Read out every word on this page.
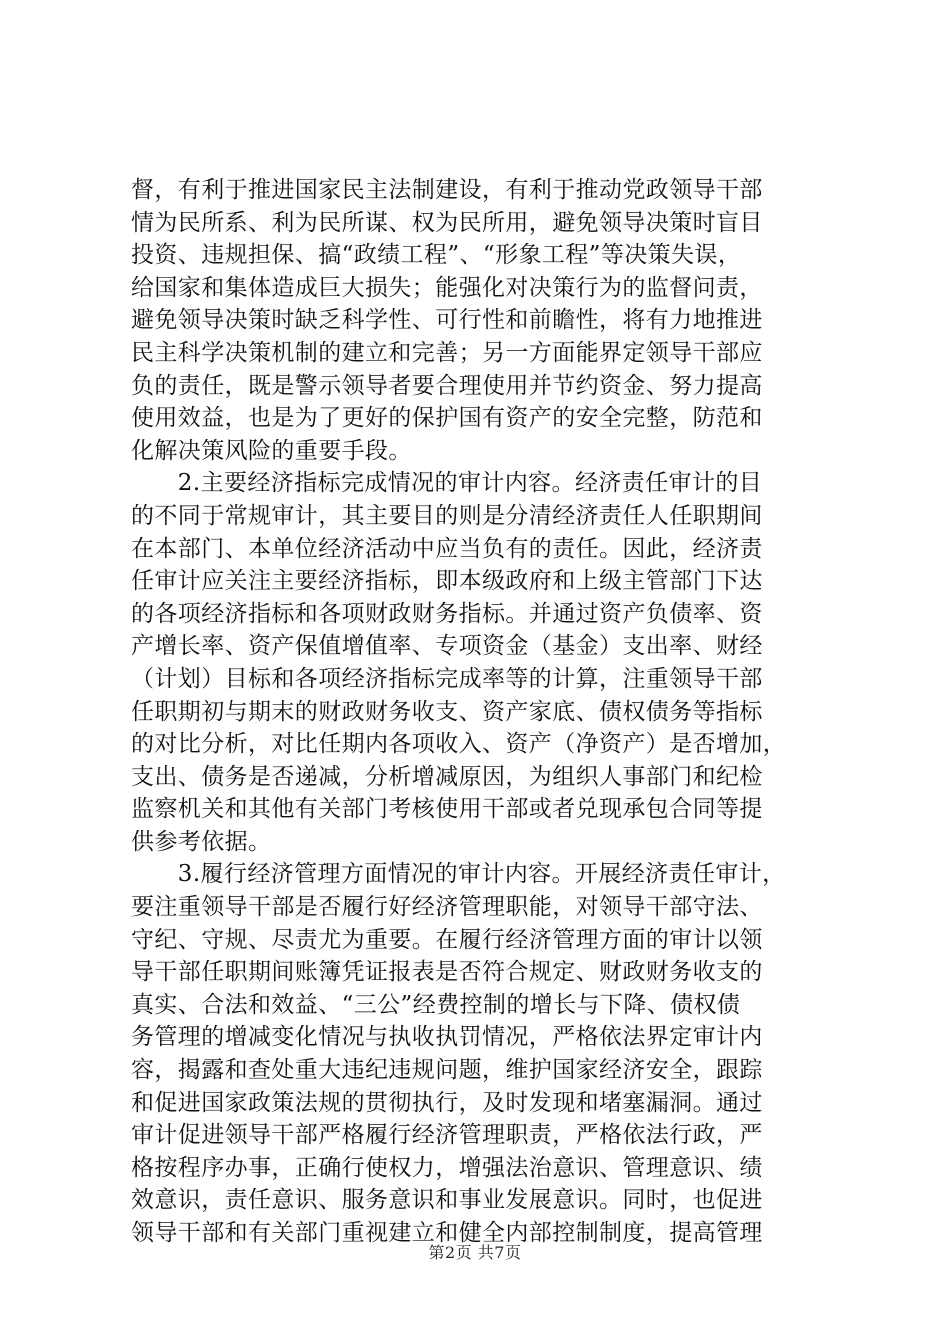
督，有利于推进国家民主法制建设，有利于推动党政领导干部
情为民所系、利为民所谋、权为民所用，避免领导决策时盲目
投资、违规担保、搞“政绩工程”、“形象工程”等决策失误，
给国家和集体造成巨大损失；能强化对决策行为的监督问责，
避免领导决策时缺乏科学性、可行性和前瞻性，将有力地推进
民主科学决策机制的建立和完善；另一方面能界定领导干部应
负的责任，既是警示领导者要合理使用并节约资金、努力提高
使用效益，也是为了更好的保护国有资产的安全完整，防范和
化解决策风险的重要手段。
　　2.主要经济指标完成情况的审计内容。经济责任审计的目
的不同于常规审计，其主要目的则是分清经济责任人任职期间
在本部门、本单位经济活动中应当负有的责任。因此，经济责
任审计应关注主要经济指标，即本级政府和上级主管部门下达
的各项经济指标和各项财政财务指标。并通过资产负债率、资
产增长率、资产保值增值率、专项资金（基金）支出率、财经
（计划）目标和各项经济指标完成率等的计算，注重领导干部
任职期初与期末的财政财务收支、资产家底、债权债务等指标
的对比分析，对比任期内各项收入、资产（净资产）是否增加，
支出、债务是否递减，分析增减原因，为组织人事部门和纪检
监察机关和其他有关部门考核使用干部或者兑现承包合同等提
供参考依据。
　　3.履行经济管理方面情况的审计内容。开展经济责任审计，
要注重领导干部是否履行好经济管理职能，对领导干部守法、
守纪、守规、尽责尤为重要。在履行经济管理方面的审计以领
导干部任职期间账簿凭证报表是否符合规定、财政财务收支的
真实、合法和效益、“三公”经费控制的增长与下降、债权债
务管理的增减变化情况与执收执罚情况，严格依法界定审计内
容，揭露和查处重大违纪违规问题，维护国家经济安全，跟踪
和促进国家政策法规的贯彻执行，及时发现和堵塞漏洞。通过
审计促进领导干部严格履行经济管理职责，严格依法行政，严
格按程序办事，正确行使权力，增强法治意识、管理意识、绩
效意识，责任意识、服务意识和事业发展意识。同时，也促进
领导干部和有关部门重视建立和健全内部控制制度，提高管理
第2页 共7页
